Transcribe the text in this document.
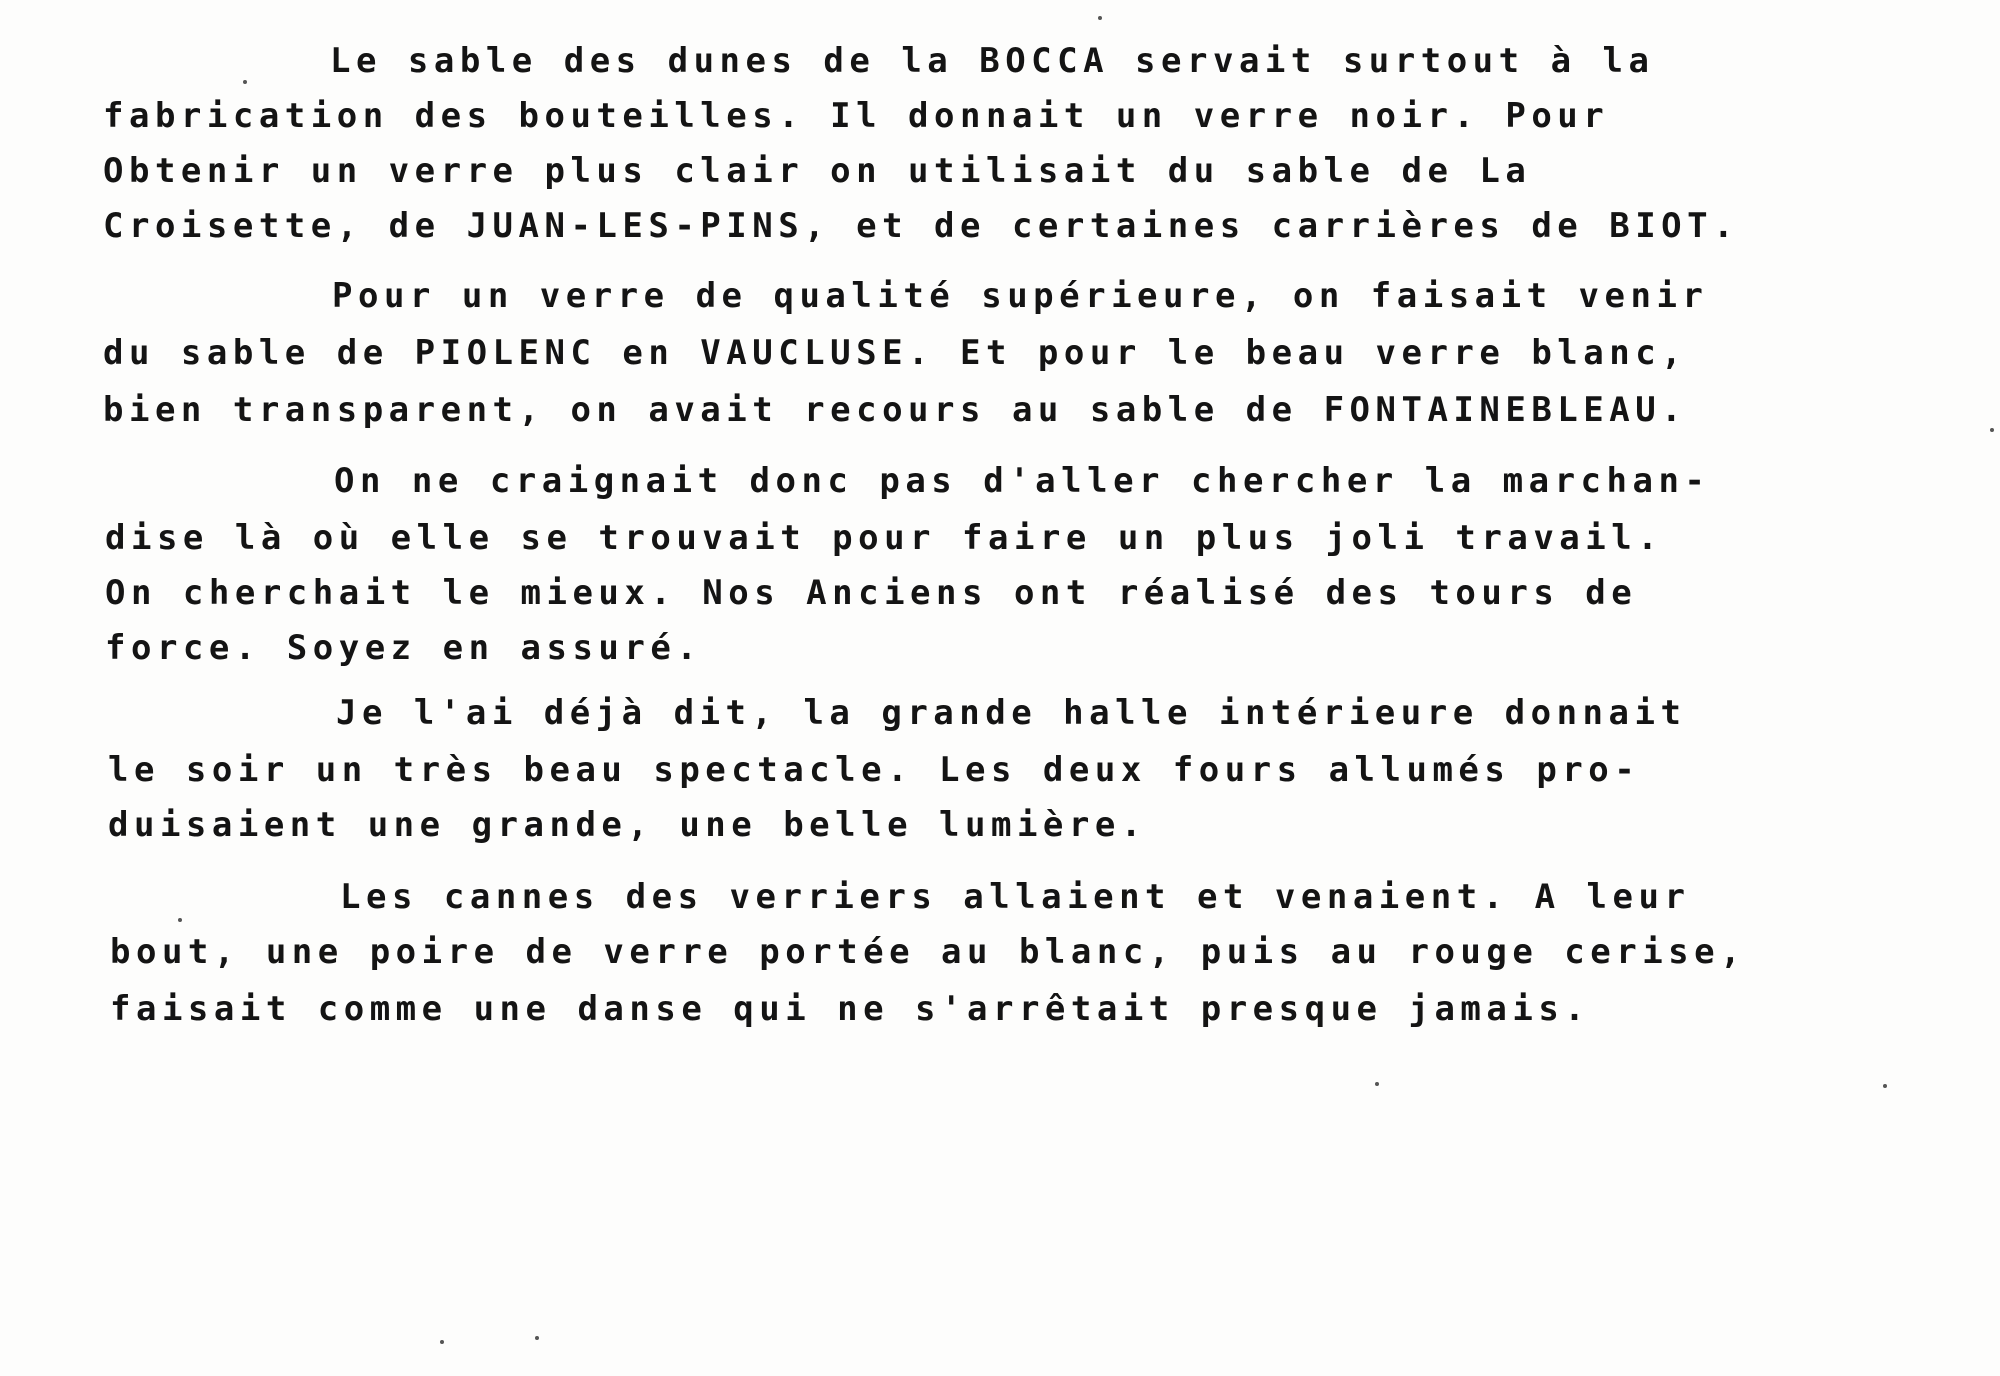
Le sable des dunes de la BOCCA servait surtout à la
fabrication des bouteilles. Il donnait un verre noir. Pour
Obtenir un verre plus clair on utilisait du sable de La
Croisette, de JUAN-LES-PINS, et de certaines carrières de BIOT.
Pour un verre de qualité supérieure, on faisait venir
du sable de PIOLENC en VAUCLUSE. Et pour le beau verre blanc,
bien transparent, on avait recours au sable de FONTAINEBLEAU.
On ne craignait donc pas d'aller chercher la marchan-
dise là où elle se trouvait pour faire un plus joli travail.
On cherchait le mieux. Nos Anciens ont réalisé des tours de
force. Soyez en assuré.
Je l'ai déjà dit, la grande halle intérieure donnait
le soir un très beau spectacle. Les deux fours allumés pro-
duisaient une grande, une belle lumière.
Les cannes des verriers allaient et venaient. A leur
bout, une poire de verre portée au blanc, puis au rouge cerise,
faisait comme une danse qui ne s'arrêtait presque jamais.
